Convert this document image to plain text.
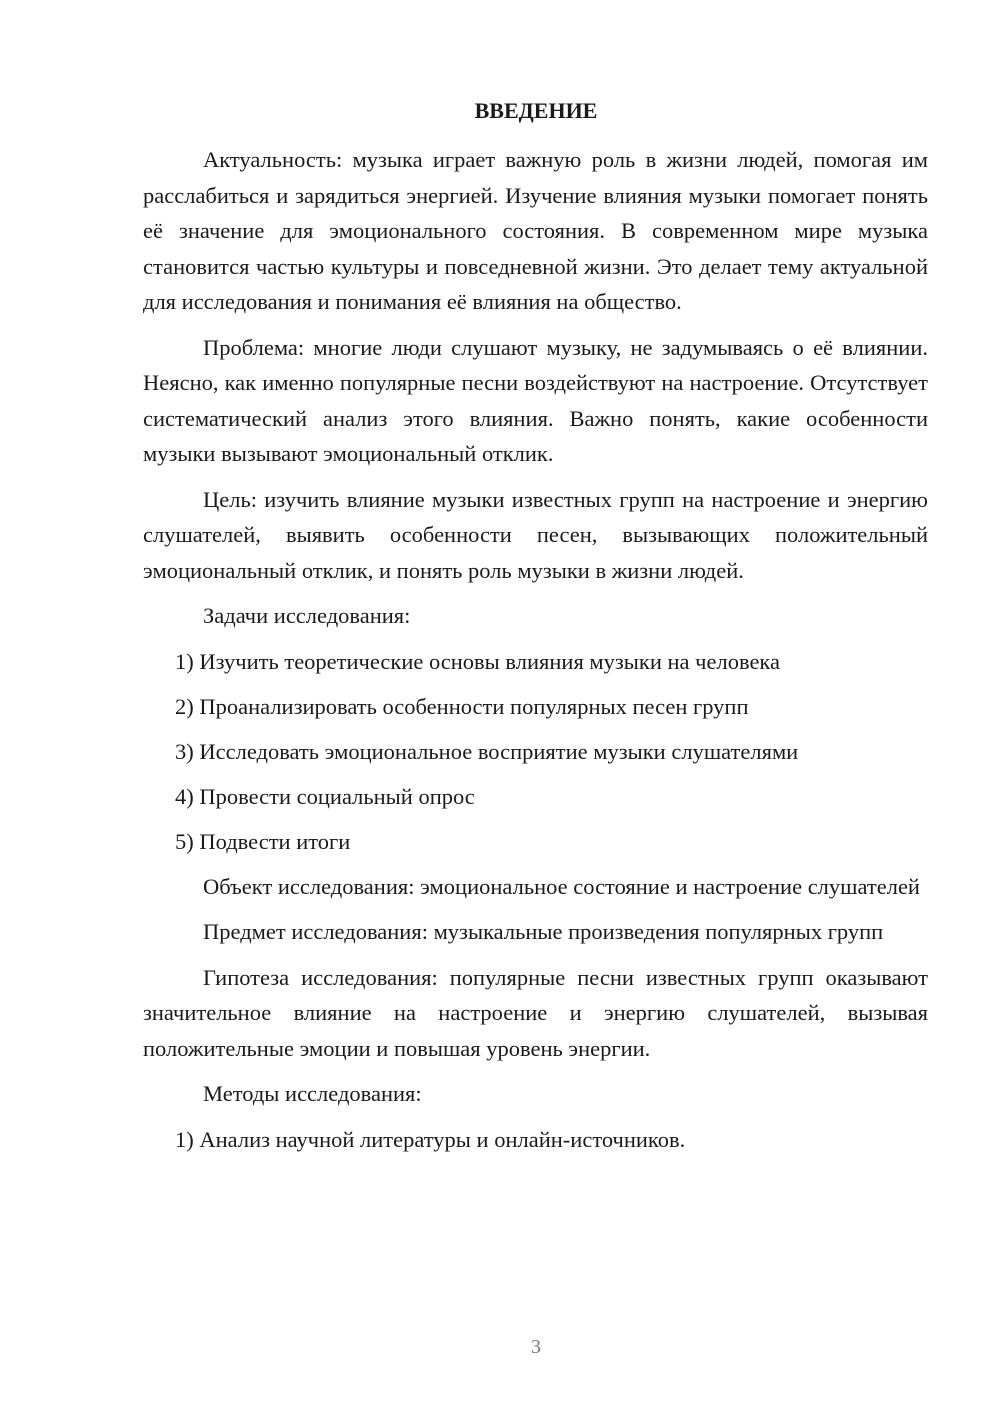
ВВЕДЕНИЕ

Актуальность: музыка играет важную роль в жизни людей, помогая им расслабиться и зарядиться энергией. Изучение влияния музыки помогает понять её значение для эмоционального состояния. В современном мире музыка становится частью культуры и повседневной жизни. Это делает тему актуальной для исследования и понимания её влияния на общество.

Проблема: многие люди слушают музыку, не задумываясь о её влиянии. Неясно, как именно популярные песни воздействуют на настроение. Отсутствует систематический анализ этого влияния. Важно понять, какие особенности музыки вызывают эмоциональный отклик.

Цель: изучить влияние музыки известных групп на настроение и энергию слушателей, выявить особенности песен, вызывающих положительный эмоциональный отклик, и понять роль музыки в жизни людей.

Задачи исследования:

1) Изучить теоретические основы влияния музыки на человека
2) Проанализировать особенности популярных песен групп
3) Исследовать эмоциональное восприятие музыки слушателями
4) Провести социальный опрос
5) Подвести итоги

Объект исследования: эмоциональное состояние и настроение слушателей

Предмет исследования: музыкальные произведения популярных групп

Гипотеза исследования: популярные песни известных групп оказывают значительное влияние на настроение и энергию слушателей, вызывая положительные эмоции и повышая уровень энергии.

Методы исследования:

1) Анализ научной литературы и онлайн-источников.
3
